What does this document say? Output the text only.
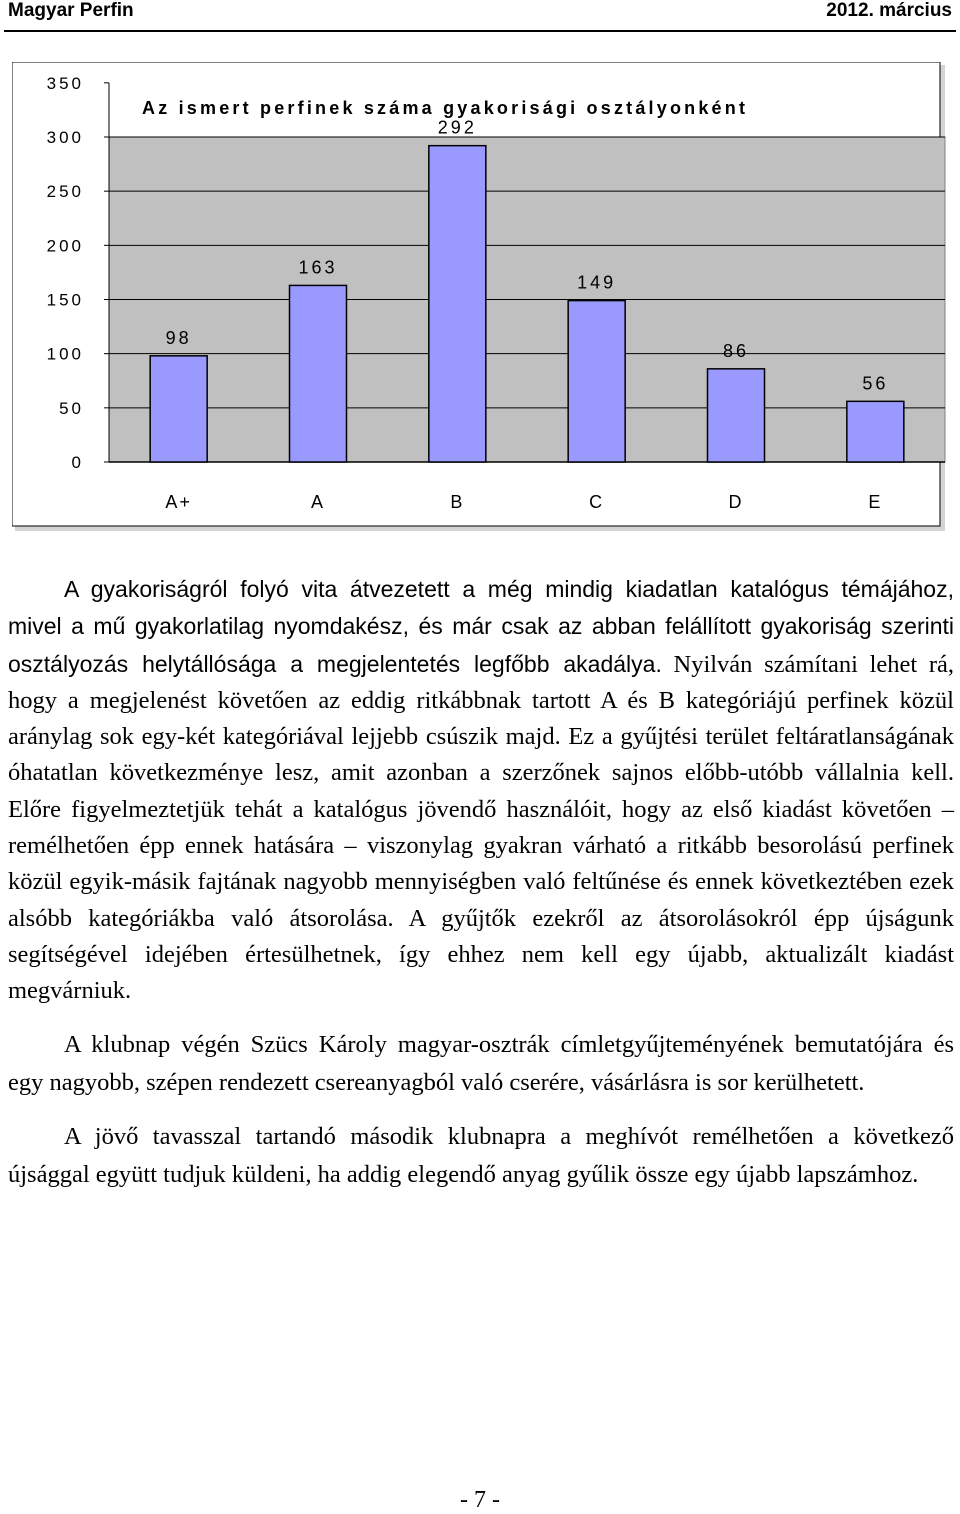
Magyar Perfin	2012. március
0
50
100
150
200
250
300
350
Az ismert perfinek száma gyakorisági osztályonként
98
A+
163
A
292
B
149
C
86
D
56
E

A gyakoriságról folyó vita átvezetett a még mindig kiadatlan katalógus témájához, mivel a mű gyakorlatilag nyomdakész, és már csak az abban felállított gyakoriság szerinti osztályozás helytállósága a megjelentetés legfőbb akadálya. Nyilván számítani lehet rá, hogy a megjelenést követően az eddig ritkábbnak tartott A és B kategóriájú perfinek közül aránylag sok egy-két kategóriával lejjebb csúszik majd. Ez a gyűjtési terület feltáratlanságának óhatatlan következménye lesz, amit azonban a szerzőnek sajnos előbb-utóbb vállalnia kell. Előre figyelmeztetjük tehát a katalógus jövendő használóit, hogy az első kiadást követően – remélhetően épp ennek hatására – viszonylag gyakran várható a ritkább besorolású perfinek közül egyik-másik fajtának nagyobb mennyiségben való feltűnése és ennek következtében ezek alsóbb kategóriákba való átsorolása. A gyűjtők ezekről az átsorolásokról épp újságunk segítségével idejében értesülhetnek, így ehhez nem kell egy újabb, aktualizált kiadást megvárniuk.

A klubnap végén Szücs Károly magyar-osztrák címletgyűjteményének bemutatójára és egy nagyobb, szépen rendezett csereanyagból való cserére, vásárlásra is sor kerülhetett.

A jövő tavasszal tartandó második klubnapra a meghívót remélhetően a következő újsággal együtt tudjuk küldeni, ha addig elegendő anyag gyűlik össze egy újabb lapszámhoz.

- 7 -
